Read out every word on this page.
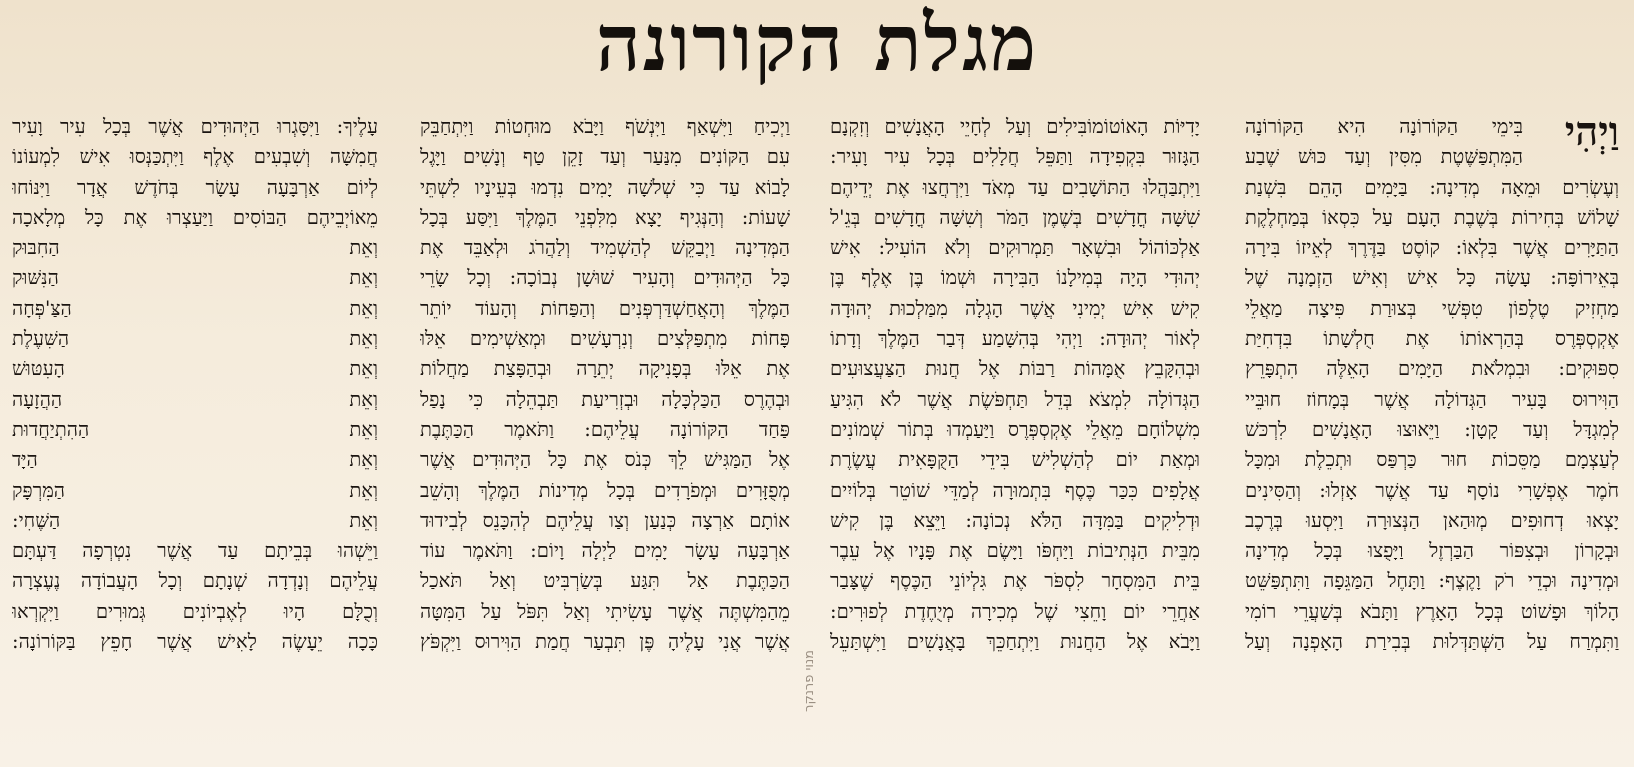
מגלת הקורונה
וַיְהִי

בִּימֵי הַקּוֹרוֹנָה הִיא הַקּוֹרוֹנָה

הַמִּתְפַּשֶּׁטֶת מִסִּין וְעַד כּוּשׁ שֶׁבַע

וְעֶשְׂרִים וּמֵאָה מְדִינָה: בַּיָּמִים הָהֵם בִּשְׁנַת

שָׁלוֹשׁ בְּחִירוֹת בְּשֶׁבֶת הָעָם עַל כִּסְאוֹ בְּמַחְלֶקֶת

הַתַּיָּרִים אֲשֶׁר בִּלְאוֹ: קוֹסֶט בַּדֶּרֶךְ לְאֵיזוֹ בִּירָה

בְּאֵירוֹפָּה: עָשָׂה כָּל אִישׁ וְאִישׁ הַזְמָנָה שֶׁל

מַחְזִיק טֶלֶפוֹן טִפְּשִׁי בְּצוּרַת פִּיצָה מַאֲלֵי

אֶקְסְפְּרֶס בְּהַרְאוֹתוֹ אֶת חֻלְשָׁתוֹ בִּדְחִיַּת

סִפּוּקִים: וּבִמְלֹאת הַיָּמִים הָאֵלֶּה הִתְפָּרֵץ

הַוִּירוּס בָּעִיר הַגְּדוֹלָה אֲשֶׁר בְּמָחוֹז חוּבֵּיי

לְמִגְדָּל וְעַד קָטָן: וַיֵּאוּצוּ הָאֲנָשִׁים לִרְכּשׁ

לְעַצְמָם מַסֵּכוֹת חוּר כַּרְפַּס וּתְכֵלֶת וּמִכָּל

חֹמֶר אֶפְשָׁרִי נוֹסָף עַד אֲשֶׁר אָזְלוּ: וְהַסִּינִים

יָצְאוּ דְחוּפִים מְוּהַאן הַנְּצוּרָה וַיִּסְעוּ בְּרֶכֶב

וּבְקָרוֹן וּבְצִפּוֹר הַבַּרְזֶל וַיָּפֻצוּ בְּכָל מְדִינָה

וּמְדִינָה וּכְדֵי רֹק וָקֶצֶף: וַתָּחֶל הַמַּגֵּפָה וַתִּתְפַּשֵּׁט

הָלוֹךְ וּפָשׁוֹט בְּכָל הָאָרֶץ וַתָּבֹא בְּשַׁעֲרֵי רוֹמִי

וַתִּמְרַח עַל הַשְּׁתַּדְּלוּת בְּבִירַת הָאָפְנָה וְעַל

יָדִיּוֹת הָאוֹטוֹמוֹבִּילִים וְעַל לְחָיֵי הָאֲנָשִׁים וְזִקְנָם

הַגָּזוּר בִּקְפִידָה וַתַּפֵּל חֲלָלִים בְּכָל עִיר וָעִיר:

וַיִּתְבַּהֲלוּ הַתּוֹשָׁבִים עַד מְאֹד וַיִּרְחֲצוּ אֶת יְדֵיהֶם

שִׁשָּׁה חֳדָשִׁים בְּשֶׁמֶן הַמֹּר וְשִׁשָּׁה חֳדָשִׁים בְּגֵ'ל

אַלְכּוֹהוֹל וּבִשְׁאָר תַּמְרוּקִים וְלֹא הוֹעִיל: אִישׁ

יְהוּדִי הָיָה בְּמִילָנוֹ הַבִּירָה וּשְׁמוֹ בֶּן אֶלֶף בֶּן

קִישׁ אִישׁ יְמִינִי אֲשֶׁר הָגְלָה מִמַּלְכוּת יְהוּדָה

לְאוֹר יְהוּדָה: וַיְהִי בְּהִשָּׁמַע דְּבַר הַמֶּלֶךְ וְדָתוֹ

וּבְהִקָּבֵץ אֻמָּהוֹת רַבּוֹת אֶל חֲנוּת הַצַּעֲצוּעִים

הַגְּדוֹלָה לִמְצֹא בְּדֵל תַּחְפֹּשֶׂת אֲשֶׁר לֹא הִגִּיעַ

מִשְׁלוֹחָם מֵאֲלֵי אֶקְסְפְּרֶס וַיַּעַמְדוּ בְּתוֹר שְׁמוֹנִים

וּמְאַת יוֹם לְהַשְׁלִישׁ בִּידֵי הַקֻּפָּאִית עֲשֶׂרֶת

אֲלָפִים כִּכַּר כֶּסֶף בִּתְמוּרָה לְמַדֵּי שׁוֹטֵר בְּלוֹיִים

וּדְלִיקִים בַּמִּדָּה הַלֹּא נְכוֹנָה: וַיֵּצֵא בֶּן קִישׁ

מִבֵּית הַנְּתִיבוֹת וַיַּחְפֹּו וַיָּשֶׂם אֶת פָּנָיו אֶל עֵבֶר

בֵּית הַמִּסְחָר לִסְפֹּר אֶת גִּלְיוֹנֵי הַכֶּסֶף שֶׁצָּבַר

אַחֲרֵי יוֹם וָחֵצִי שֶׁל מְכִירָה מְיֻחֶדֶת לְפוּרִים:

וַיָּבֹא אֶל הַחֲנוּת וַיִּתְחַכֵּךְ בָּאֲנָשִׁים וַיִּשְׁתַּעֵל

וַיְכִיחַ וַיִּשְׁאַף וַיִּנְשֹׁף וַיָּבֹא מוּחְטוֹת וַיִּתְחַבֵּק

עִם הַקּוֹנִים מִנַּעַר וְעַד זָקֵן טַף וְנָשִׁים וַיָּגֶל

לָבוֹא עַד כִּי שְׁלֹשָׁה יָמִים נִדְמוּ בְּעֵינָיו לִשְׁתֵּי

שָׁעוֹת: וְהַנְּגִיף יָצָא מִלִּפְנֵי הַמֶּלֶךְ וַיִּסַּע בְּכָל

הַמְּדִינָה וַיְבַקֵּשׁ לְהַשְׁמִיד וְלַהֲרֹג וּלְאַבֵּד אֶת

כָּל הַיְּהוּדִים וְהָעִיר שׁוּשָׁן נְבוֹכָה: וְכָל שָׂרֵי

הַמֶּלֶךְ וְהָאֲחַשְׁדַּרְפְּנִים וְהַפַּחוֹת וְהָעוֹד יוֹתֵר

פָּחוֹת מִתְפַּלְּצִים וְנִרְעָשִׁים וּמְאַשְׁימִים אֵלּוּ

אֶת אֵלּוּ בְּפָנִיקָה יְתֵרָה וּבְהַפָּצַת מַחֲלוֹת

וּבְהֶרֶס הַכַּלְכָּלָה וּבְזְרִיעַת תַּבְהֵלָה כִּי נָפַל

פַּחַד הַקּוֹרוֹנָה עֲלֵיהֶם: וַתֹּאמֶר הַכַּתֶּבֶת

אֶל הַמַּגִּישׁ לֵךְ כְּנֹס אֶת כָּל הַיְּהוּדִים אֲשֶׁר

מְפֻזָּרִים וּמְפֹרָדִים בְּכָל מְדִינוֹת הַמֶּלֶךְ וְהָשֵׁב

אוֹתָם אַרְצָה כְּנַעַן וְצַו עֲלֵיהֶם לְהִכָּנֵס לְבִידוּד

אַרְבָּעָה עָשָׂר יָמִים לַיְלָה וָיוֹם: וַתֹּאמֶר עוֹד

הַכַּתֶּבֶת אַל תִּגַּע בְּשַׂרְבִּיט וְאַל תֹּאכַל

מֵהַמִּשְׁתֶּה אֲשֶׁר עָשִׂיתִי וְאַל תִּפֹּל עַל הַמִּטָּה

אֲשֶׁר אֲנִי עָלֶיהָ פֶּן תִּבְעַר חֲמַת הַוִּירוּס וַיִּקְפֹּץ

עָלֶיךָ: וַיִּסָּגְרוּ הַיְּהוּדִים אֲשֶׁר בְּכָל עִיר וָעִיר

חֲמִשָּׁה וְשִׁבְעִים אֶלֶף וַיִּתְכַּנְּסוּ אִישׁ לִמְעוֹנוֹ

לְיוֹם אַרְבָּעָה עָשָׂר בְּחֹדֶשׁ אֲדָר וַיִּנּוֹחוּ

מֵאוֹיְבֵיהֶם הַבּוֹסִים וַיַּעַצְרוּ אֶת כָּל מְלָאכָה

וְאֵת
הַחִבּוּק
וְאֵת
הַנִּשּׁוּק
וְאֵת
הַצַּ'פְּחָה
וְאֵת
הַשִּׁעֶלֶת
וְאֵת
הָעִטּוּשׁ
וְאֵת
הַהֲזָעָה
וְאֵת
הַהִתְיַחֲדוּת
וְאֵת
הַיָּד
וְאֵת
הַמִּרְפָּק
וְאֵת
הַשֶּׁחִי:

וַיֵּשְׁהוּ בְּבֵיתָם עַד אֲשֶׁר נִטְרְפָה דַּעְתָּם

עֲלֵיהֶם וְנָדְדָה שְׁנָתָם וְכָל הָעֲבוֹדָה נֶעֶצְרָה

וְכֻלָּם הָיוּ לְאֶבְיוֹנִים גְּמוּרִים וַיִּקְרְאוּ

כָּכָה יֵעָשֶׂה לָאִישׁ אֲשֶׁר חָפֵץ בַּקּוֹרוֹנָה:

מנוי פרנקר
